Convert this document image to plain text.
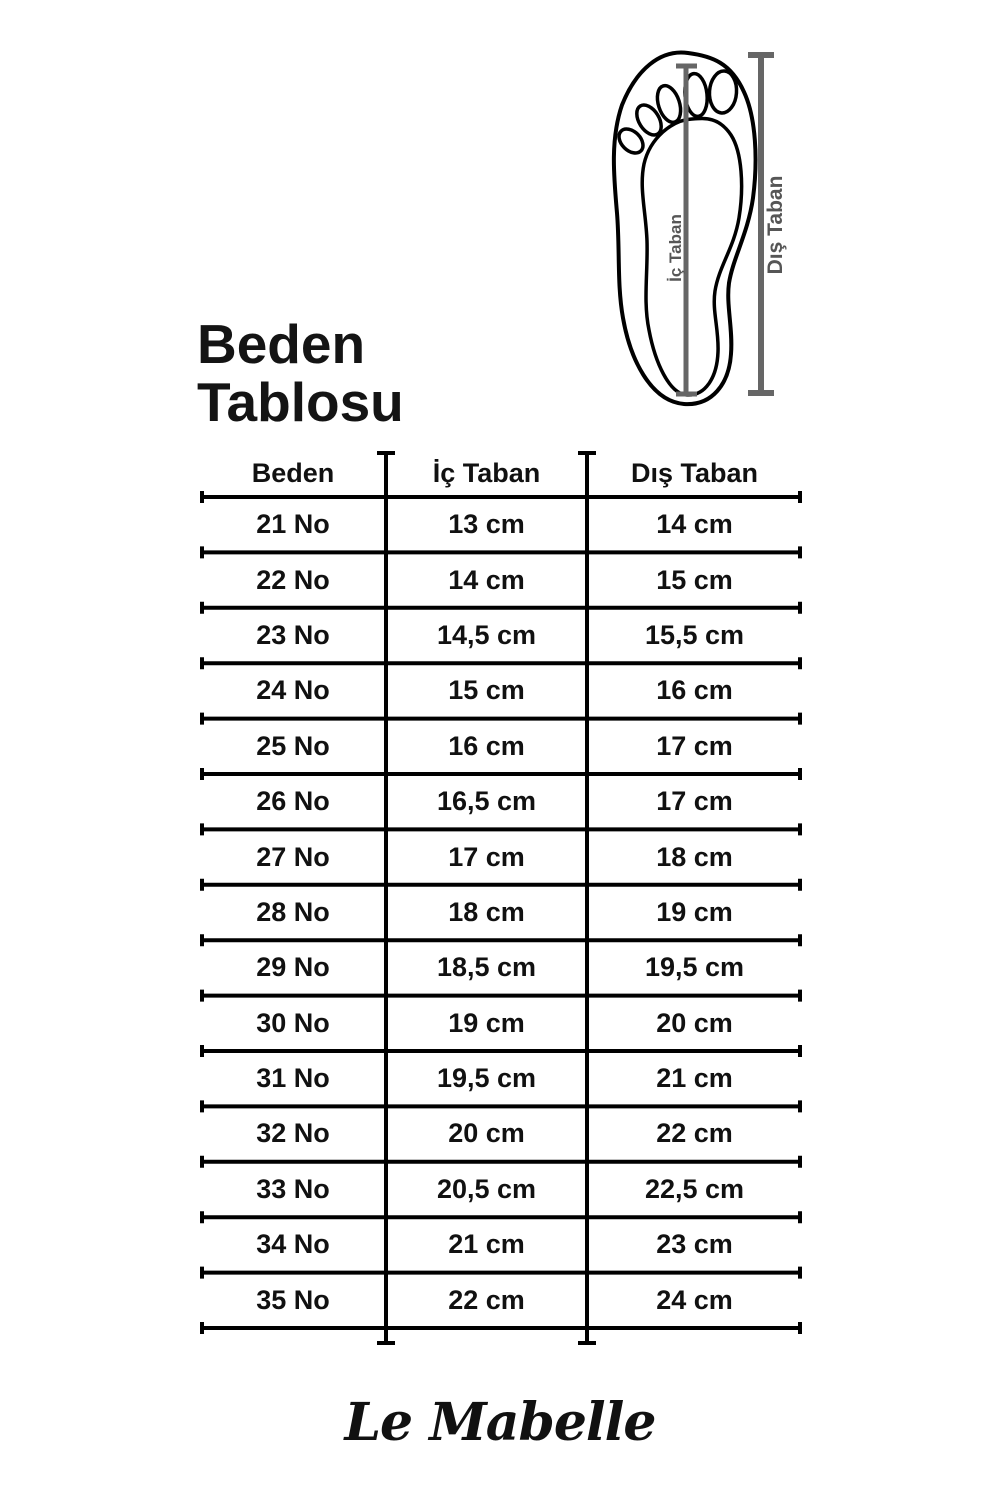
Beden
Tablosu
İç Taban	Dış Taban
Beden	İç Taban	Dış Taban
21 No	13 cm	14 cm
22 No	14 cm	15 cm
23 No	14,5 cm	15,5 cm
24 No	15 cm	16 cm
25 No	16 cm	17 cm
26 No	16,5 cm	17 cm
27 No	17 cm	18 cm
28 No	18 cm	19 cm
29 No	18,5 cm	19,5 cm
30 No	19 cm	20 cm
31 No	19,5 cm	21 cm
32 No	20 cm	22 cm
33 No	20,5 cm	22,5 cm
34 No	21 cm	23 cm
35 No	22 cm	24 cm
Le Mabelle
